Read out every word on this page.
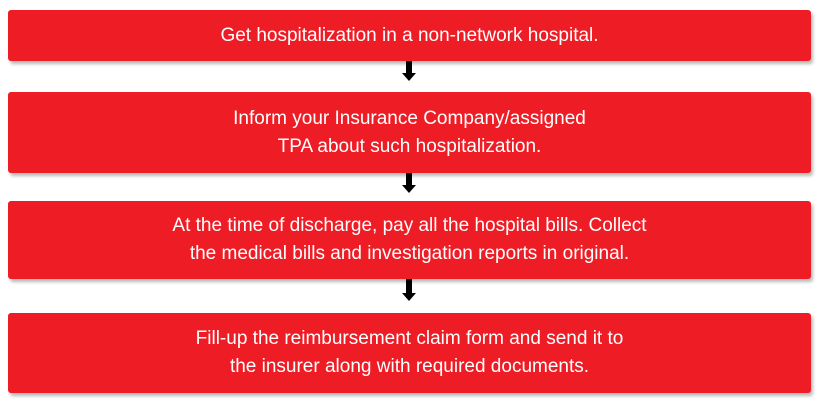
Get hospitalization in a non-network hospital.
Inform your Insurance Company/assigned
TPA about such hospitalization.
At the time of discharge, pay all the hospital bills. Collect
the medical bills and investigation reports in original.
Fill-up the reimbursement claim form and send it to
the insurer along with required documents.
